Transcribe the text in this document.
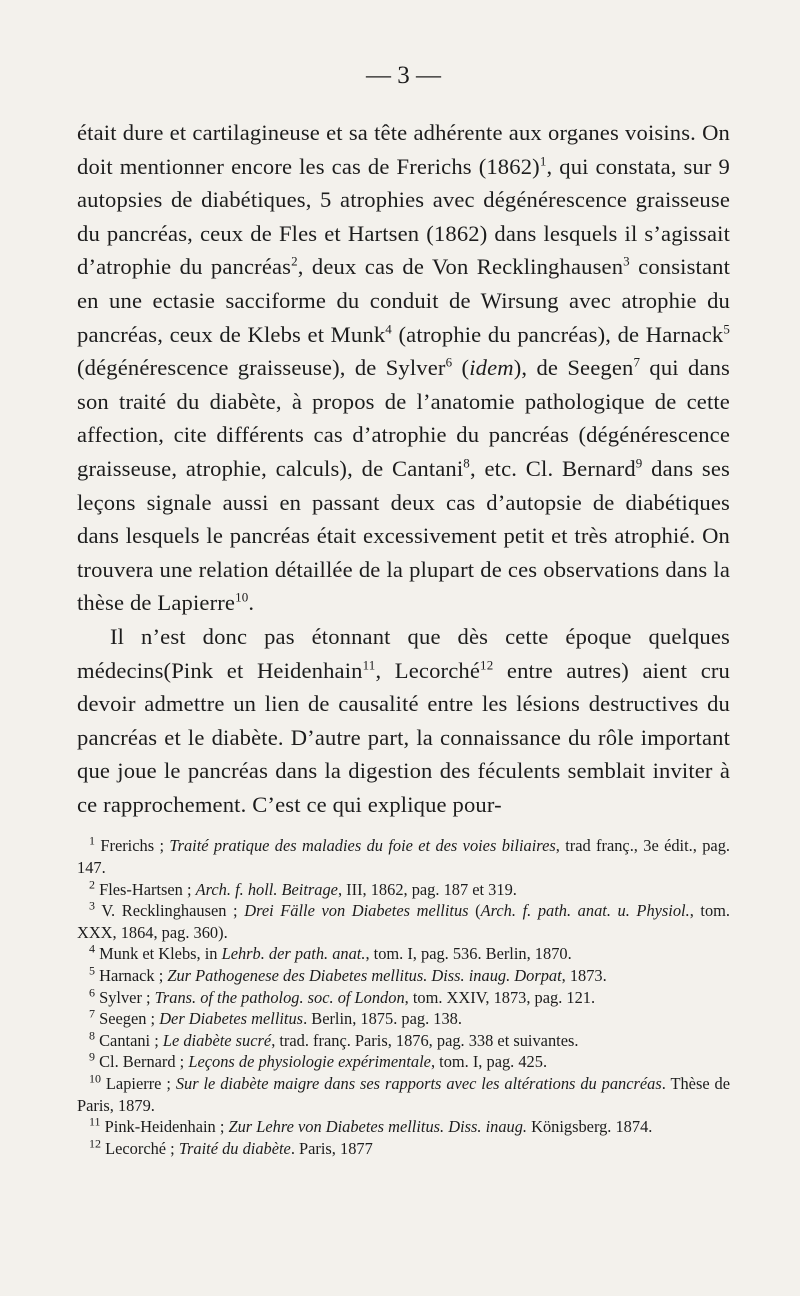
— 3 —

était dure et cartilagineuse et sa tête adhérente aux organes voisins. On doit mentionner encore les cas de Frerichs (1862)$^1$, qui constata, sur 9 autopsies de diabétiques, 5 atrophies avec dégénérescence graisseuse du pancréas, ceux de Fles et Hartsen (1862) dans lesquels il s’agissait d’atrophie du pancréas$^2$, deux cas de Von Recklinghausen$^3$ consistant en une ectasie sacciforme du conduit de Wirsung avec atrophie du pancréas, ceux de Klebs et Munk$^4$ (atrophie du pancréas), de Harnack$^5$ (dégénérescence graisseuse), de Sylver$^6$ (idem), de Seegen$^7$ qui dans son traité du diabète, à propos de l’anatomie pathologique de cette affection, cite différents cas d’atrophie du pancréas (dégénérescence graisseuse, atrophie, calculs), de Cantani$^8$, etc. Cl. Bernard$^9$ dans ses leçons signale aussi en passant deux cas d’autopsie de diabétiques dans lesquels le pancréas était excessivement petit et très atrophié. On trouvera une relation détaillée de la plupart de ces observations dans la thèse de Lapierre$^{10}$.

Il n’est donc pas étonnant que dès cette époque quelques médecins(Pink et Heidenhain$^{11}$, Lecorché$^{12}$ entre autres) aient cru devoir admettre un lien de causalité entre les lésions destructives du pancréas et le diabète. D’autre part, la connaissance du rôle important que joue le pancréas dans la digestion des féculents semblait inviter à ce rapprochement. C’est ce qui explique pour-

$^1$ Frerichs ; Traité pratique des maladies du foie et des voies biliaires, trad franç., 3e édit., pag. 147.

$^2$ Fles-Hartsen ; Arch. f. holl. Beitrage, III, 1862, pag. 187 et 319.

$^3$ V. Recklinghausen ; Drei Fälle von Diabetes mellitus (Arch. f. path. anat. u. Physiol., tom. XXX, 1864, pag. 360).

$^4$ Munk et Klebs, in Lehrb. der path. anat., tom. I, pag. 536. Berlin, 1870.

$^5$ Harnack ; Zur Pathogenese des Diabetes mellitus. Diss. inaug. Dorpat, 1873.

$^6$ Sylver ; Trans. of the patholog. soc. of London, tom. XXIV, 1873, pag. 121.

$^7$ Seegen ; Der Diabetes mellitus. Berlin, 1875. pag. 138.

$^8$ Cantani ; Le diabète sucré, trad. franç. Paris, 1876, pag. 338 et suivantes.

$^9$ Cl. Bernard ; Leçons de physiologie expérimentale, tom. I, pag. 425.

$^{10}$ Lapierre ; Sur le diabète maigre dans ses rapports avec les altérations du pancréas. Thèse de Paris, 1879.

$^{11}$ Pink-Heidenhain ; Zur Lehre von Diabetes mellitus. Diss. inaug. Königsberg. 1874.

$^{12}$ Lecorché ; Traité du diabète. Paris, 1877
